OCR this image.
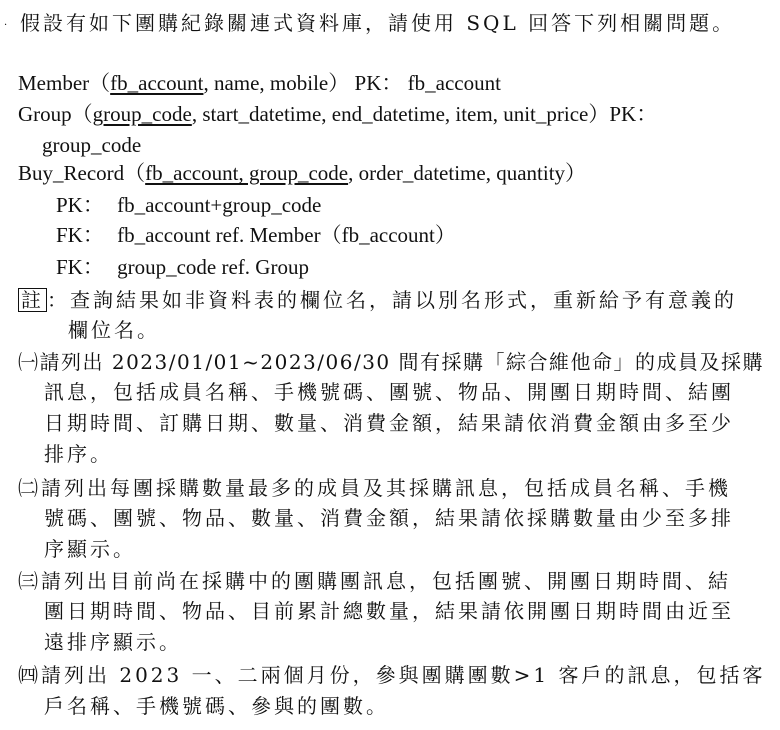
· 假設有如下團購紀錄關連式資料庫，請使用 SQL 回答下列相關問題。
Member（fb_account, name, mobile） PK： fb_account
Group（group_code, start_datetime, end_datetime, item, unit_price）PK：
group_code
Buy_Record（fb_account, group_code, order_datetime, quantity）
PK： fb_account+group_code
FK： fb_account ref. Member（fb_account）
FK： group_code ref. Group
註 ：查詢結果如非資料表的欄位名，請以別名形式，重新給予有意義的
欄位名。
㈠請列出 2023/01/01~2023/06/30 間有採購「綜合維他命」的成員及採購
訊息，包括成員名稱、手機號碼、團號、物品、開團日期時間、結團
日期時間、訂購日期、數量、消費金額，結果請依消費金額由多至少
排序。
㈡請列出每團採購數量最多的成員及其採購訊息，包括成員名稱、手機
號碼、團號、物品、數量、消費金額，結果請依採購數量由少至多排
序顯示。
㈢請列出目前尚在採購中的團購團訊息，包括團號、開團日期時間、結
團日期時間、物品、目前累計總數量，結果請依開團日期時間由近至
遠排序顯示。
㈣請列出 2023 一、二兩個月份，參與團購團數>1 客戶的訊息，包括客
戶名稱、手機號碼、參與的團數。
